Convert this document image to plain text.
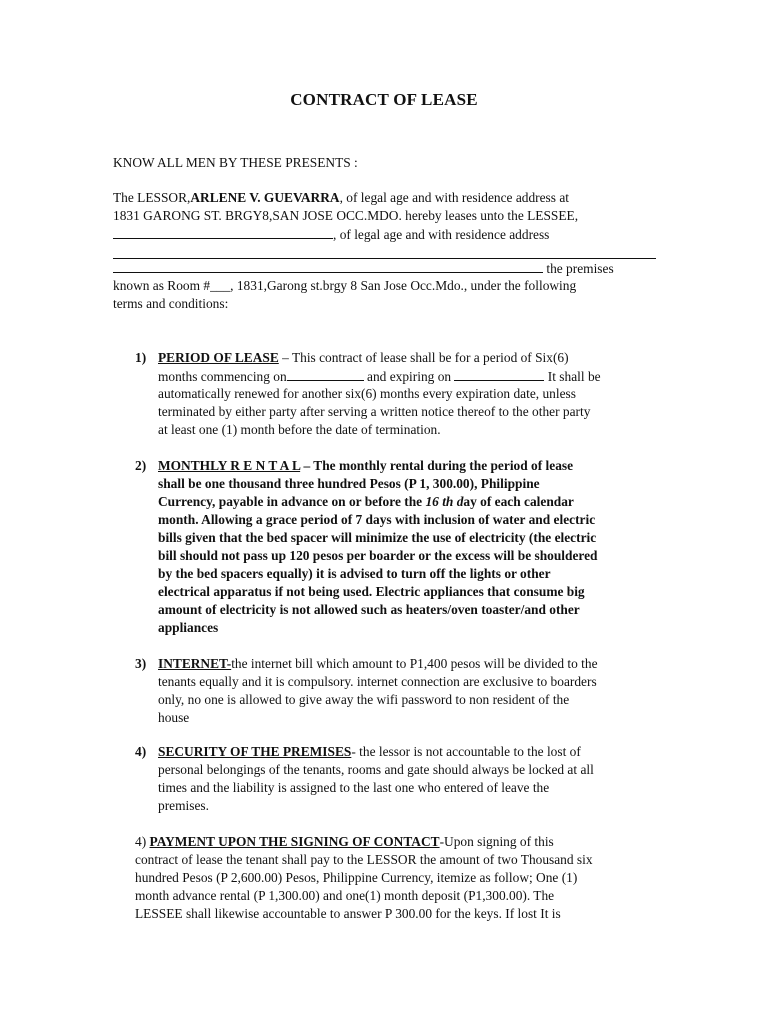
CONTRACT OF LEASE
KNOW ALL MEN BY THESE PRESENTS :
The LESSOR,ARLENE V. GUEVARRA, of legal age and with residence address at
1831 GARONG ST. BRGY8,SAN JOSE OCC.MDO. hereby leases unto the LESSEE,
, of legal age and with residence address
the premises
known as Room #___, 1831,Garong st.brgy 8 San Jose Occ.Mdo., under the following
terms and conditions:
1) PERIOD OF LEASE – This contract of lease shall be for a period of Six(6)
months commencing on	and expiring on	It shall be
automatically renewed for another six(6) months every expiration date, unless
terminated by either party after serving a written notice thereof to the other party
at least one (1) month before the date of termination.
2) MONTHLY R E N T A L – The monthly rental during the period of lease
shall be one thousand three hundred Pesos (P 1, 300.00), Philippine
Currency, payable in advance on or before the 16 th day of each calendar
month. Allowing a grace period of 7 days with inclusion of water and electric
bills given that the bed spacer will minimize the use of electricity (the electric
bill should not pass up 120 pesos per boarder or the excess will be shouldered
by the bed spacers equally) it is advised to turn off the lights or other
electrical apparatus if not being used. Electric appliances that consume big
amount of electricity is not allowed such as heaters/oven toaster/and other
appliances
3) INTERNET-the internet bill which amount to P1,400 pesos will be divided to the
tenants equally and it is compulsory. internet connection are exclusive to boarders
only, no one is allowed to give away the wifi password to non resident of the
house
4) SECURITY OF THE PREMISES- the lessor is not accountable to the lost of
personal belongings of the tenants, rooms and gate should always be locked at all
times and the liability is assigned to the last one who entered of leave the
premises.
4) PAYMENT UPON THE SIGNING OF CONTACT-Upon signing of this
contract of lease the tenant shall pay to the LESSOR the amount of two Thousand six
hundred Pesos (P 2,600.00) Pesos, Philippine Currency, itemize as follow; One (1)
month advance rental (P 1,300.00) and one(1) month deposit (P1,300.00). The
LESSEE shall likewise accountable to answer P 300.00 for the keys. If lost It is
